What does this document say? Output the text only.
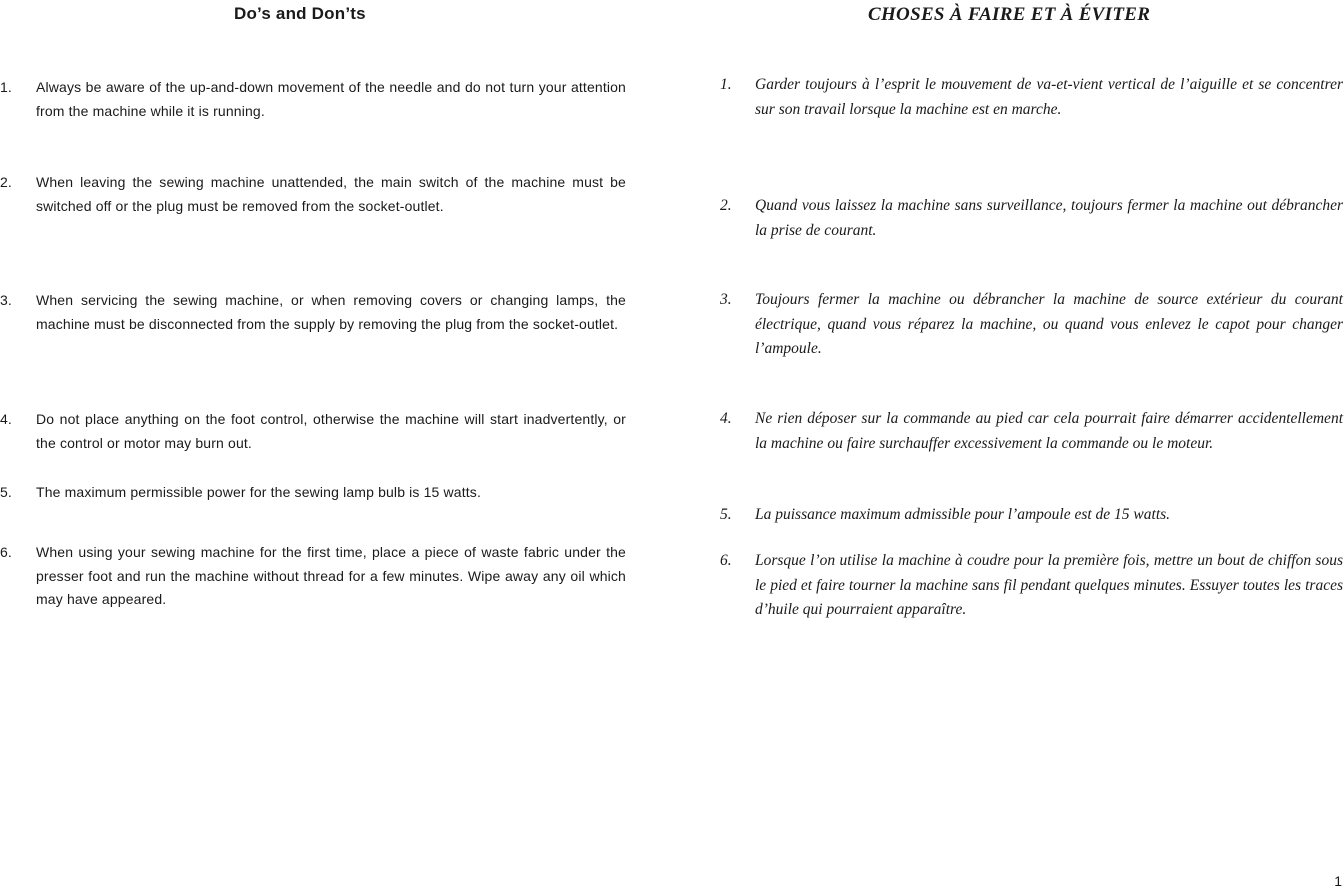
Do’s and Don’ts
1.	Always be aware of the up-and-down movement of the needle and do not turn your attention from the machine while it is running.
2.	When leaving the sewing machine unattended, the main switch of the machine must be switched off or the plug must be removed from the socket-outlet.
3.	When servicing the sewing machine, or when removing covers or changing lamps, the machine must be disconnected from the supply by removing the plug from the socket-outlet.
4.	Do not place anything on the foot control, otherwise the machine will start inadvertently, or the control or motor may burn out.
5.	The maximum permissible power for the sewing lamp bulb is 15 watts.
6.	When using your sewing machine for the first time, place a piece of waste fabric under the presser foot and run the machine without thread for a few minutes. Wipe away any oil which may have appeared.
CHOSES À FAIRE ET À ÉVITER
1.	Garder toujours à l’esprit le mouvement de va-et-vient vertical de l’aiguille et se concentrer sur son travail lorsque la machine est en marche.
2.	Quand vous laissez la machine sans surveillance, toujours fermer la machine out débrancher la prise de courant.
3.	Toujours fermer la machine ou débrancher la machine de source extérieur du courant électrique, quand vous réparez la machine, ou quand vous enlevez le capot pour changer l’ampoule.
4.	Ne rien déposer sur la commande au pied car cela pourrait faire démarrer accidentellement la machine ou faire surchauffer excessivement la commande ou le moteur.
5.	La puissance maximum admissible pour l’ampoule est de 15 watts.
6.	Lorsque l’on utilise la machine à coudre pour la première fois, mettre un bout de chiffon sous le pied et faire tourner la machine sans fil pendant quelques minutes. Essuyer toutes les traces d’huile qui pourraient apparaître.
1
